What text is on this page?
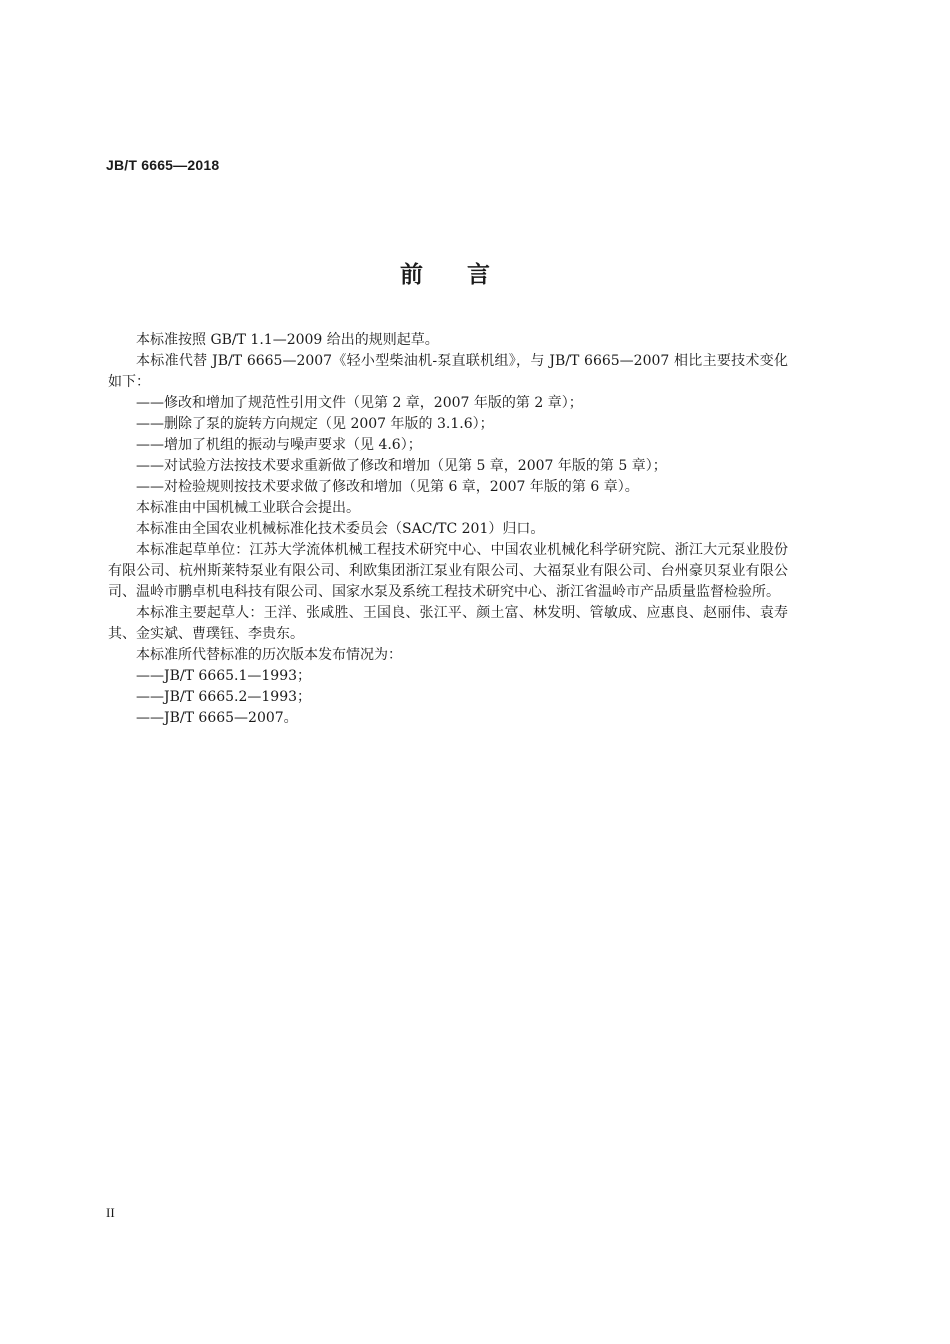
JB/T 6665—2018
前言

本标准按照 GB/T 1.1—2009 给出的规则起草。

本标准代替 JB/T 6665—2007《轻小型柴油机-泵直联机组》，与 JB/T 6665—2007 相比主要技术变化如下：

——修改和增加了规范性引用文件（见第 2 章，2007 年版的第 2 章）；

——删除了泵的旋转方向规定（见 2007 年版的 3.1.6）；

——增加了机组的振动与噪声要求（见 4.6）；

——对试验方法按技术要求重新做了修改和增加（见第 5 章，2007 年版的第 5 章）；

——对检验规则按技术要求做了修改和增加（见第 6 章，2007 年版的第 6 章）。

本标准由中国机械工业联合会提出。

本标准由全国农业机械标准化技术委员会（SAC/TC 201）归口。

本标准起草单位：江苏大学流体机械工程技术研究中心、中国农业机械化科学研究院、浙江大元泵业股份有限公司、杭州斯莱特泵业有限公司、利欧集团浙江泵业有限公司、大福泵业有限公司、台州豪贝泵业有限公司、温岭市鹏卓机电科技有限公司、国家水泵及系统工程技术研究中心、浙江省温岭市产品质量监督检验所。

本标准主要起草人：王洋、张咸胜、王国良、张江平、颜土富、林发明、管敏成、应惠良、赵丽伟、袁寿其、金实斌、曹璞钰、李贵东。

本标准所代替标准的历次版本发布情况为：

——JB/T 6665.1—1993；

——JB/T 6665.2—1993；

——JB/T 6665—2007。

II
